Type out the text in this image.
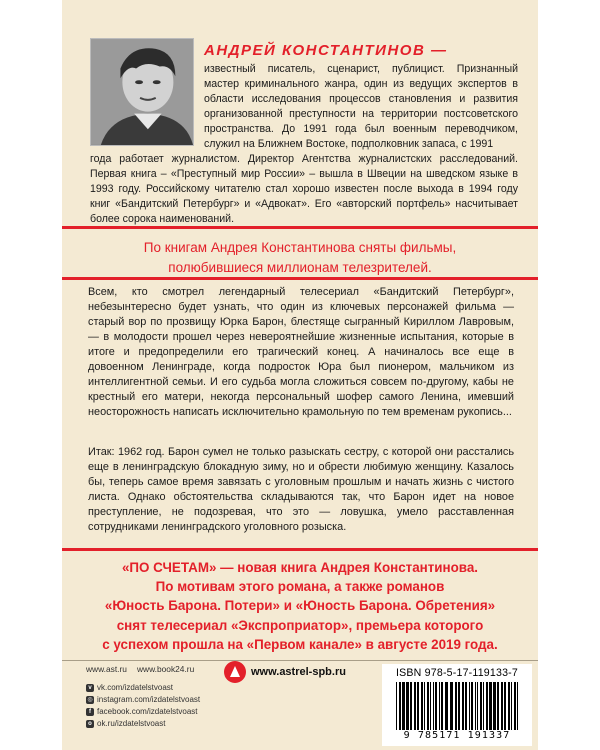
АНДРЕЙ КОНСТАНТИНОВ —
известный писатель, сценарист, публицист. Признанный мастер криминального жанра, один из ведущих экспертов в области исследования процессов становления и развития организованной преступности на территории постсоветского пространства. До 1991 года был военным переводчиком, служил на Ближнем Востоке, подполковник запаса, с 1991
года работает журналистом. Директор Агентства журналистских расследований. Первая книга – «Преступный мир России» – вышла в Швеции на шведском языке в 1993 году. Российскому читателю стал хорошо известен после выхода в 1994 году книг «Бандитский Петербург» и «Адвокат». Его «авторский портфель» насчитывает более сорока наименований.
По книгам Андрея Константинова сняты фильмы,
полюбившиеся миллионам телезрителей.
Всем, кто смотрел легендарный телесериал «Бандитский Петербург», небезынтересно будет узнать, что один из ключевых персонажей фильма — старый вор по прозвищу Юрка Барон, блестяще сыгранный Кириллом Лавровым, — в молодости прошел через невероятнейшие жизненные испытания, которые в итоге и предопределили его трагический конец. А начиналось все еще в довоенном Ленинграде, когда подросток Юра был пионером, мальчиком из интеллигентной семьи. И его судьба могла сложиться совсем по-другому, кабы не крестный его матери, некогда персональный шофер самого Ленина, имевший неосторожность написать исключительно крамольную по тем временам рукопись...
Итак: 1962 год. Барон сумел не только разыскать сестру, с которой они расстались еще в ленинградскую блокадную зиму, но и обрести любимую женщину. Казалось бы, теперь самое время завязать с уголовным прошлым и начать жизнь с чистого листа. Однако обстоятельства складываются так, что Барон идет на новое преступление, не подозревая, что это — ловушка, умело расставленная сотрудниками ленинградского уголовного розыска.
«ПО СЧЕТАМ» — новая книга Андрея Константинова.
По мотивам этого романа, а также романов
«Юность Барона. Потери» и «Юность Барона. Обретения»
снят телесериал «Экспроприатор», премьера которого
с успехом прошла на «Первом канале» в августе 2019 года.
www.ast.ru www.book24.ru
v vk.com/izdatelstvoast
◎ instagram.com/izdatelstvoast
f facebook.com/izdatelstvoast
o ok.ru/izdatelstvoast
www.astrel-spb.ru	ISBN 978-5-17-119133-7
9 785171 191337
